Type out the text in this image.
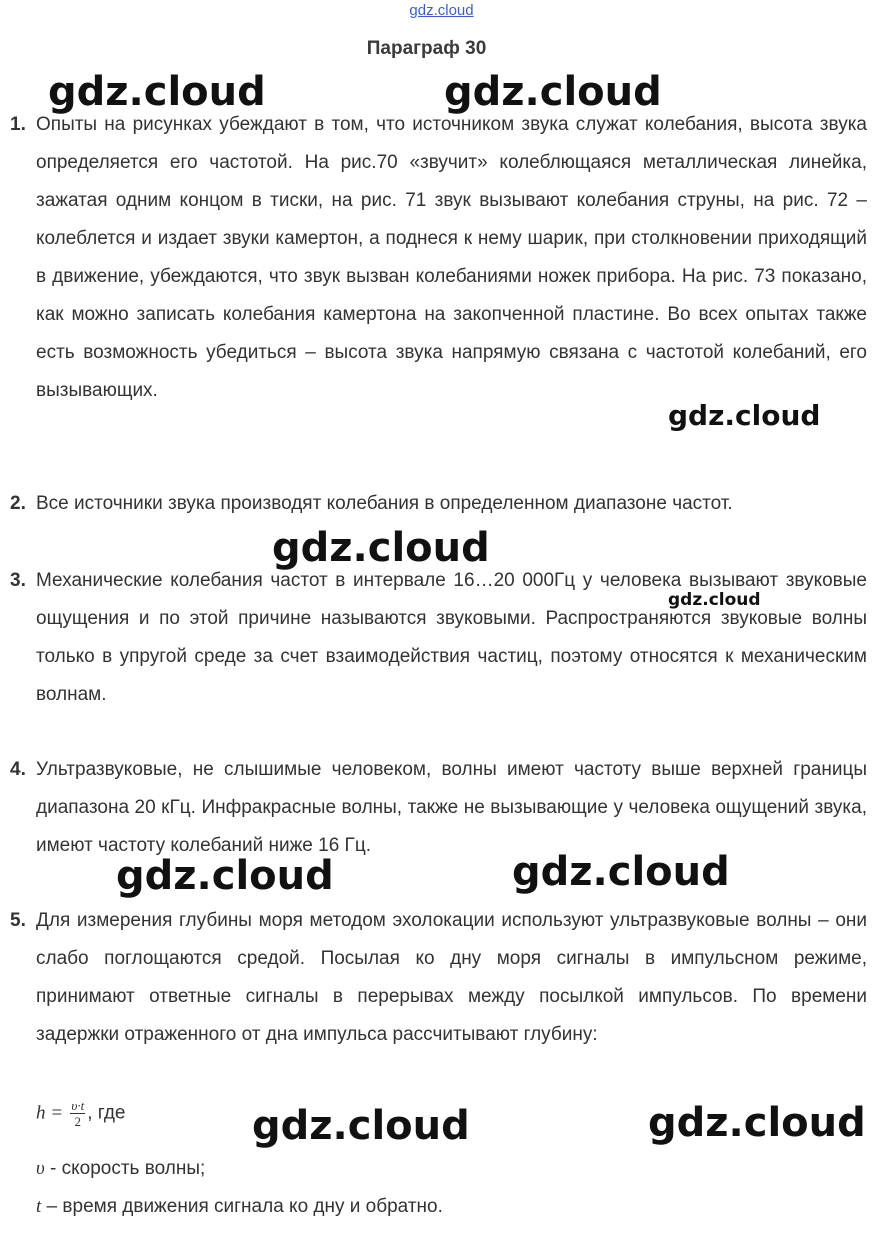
gdz.cloud
Параграф 30
gdz.cloud	gdz.cloud
gdz.cloud
gdz.cloud
gdz.cloud
gdz.cloud	gdz.cloud
gdz.cloud	gdz.cloud
1. Опыты на рисунках убеждают в том, что источником звука служат колебания, высота звука определяется его частотой. На рис.70 «звучит» колеблющаяся металлическая линейка, зажатая одним концом в тиски, на рис. 71 звук вызывают колебания струны, на рис. 72 – колеблется и издает звуки камертон, а поднеся к нему шарик, при столкновении приходящий в движение, убеждаются, что звук вызван колебаниями ножек прибора. На рис. 73 показано, как можно записать колебания камертона на закопченной пластине. Во всех опытах также есть возможность убедиться – высота звука напрямую связана с частотой колебаний, его вызывающих.
2. Все источники звука производят колебания в определенном диапазоне частот.
3. Механические колебания частот в интервале 16…20 000Гц у человека вызывают звуковые ощущения и по этой причине называются звуковыми. Распространяются звуковые волны только в упругой среде за счет взаимодействия частиц, поэтому относятся к механическим волнам.
4. Ультразвуковые, не слышимые человеком, волны имеют частоту выше верхней границы диапазона 20 кГц. Инфракрасные волны, также не вызывающие у человека ощущений звука, имеют частоту колебаний ниже 16 Гц.
5. Для измерения глубины моря методом эхолокации используют ультразвуковые волны – они слабо поглощаются средой. Посылая ко дну моря сигналы в импульсном режиме, принимают ответные сигналы в перерывах между посылкой импульсов. По времени задержки отраженного от дна импульса рассчитывают глубину:
$h = \frac{\upsilon\cdot t}{2}$ , где
υ - скорость волны;
t – время движения сигнала ко дну и обратно.
